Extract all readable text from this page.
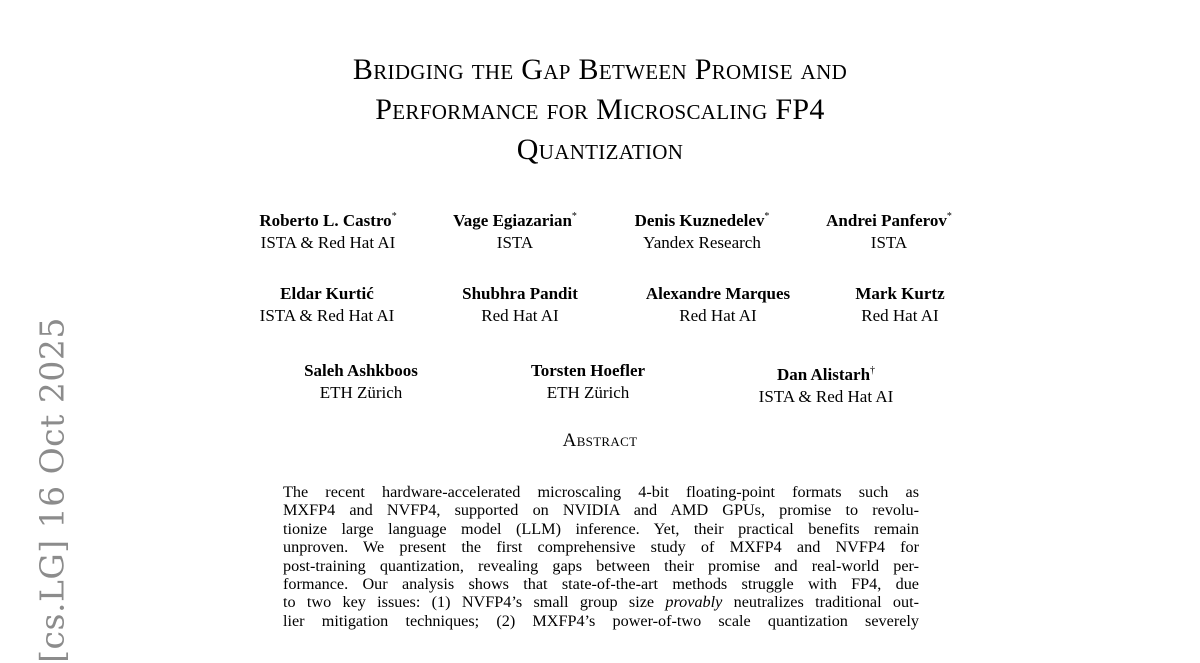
[cs.LG] 16 Oct 2025
Bridging the Gap Between Promise and
Performance for Microscaling FP4
Quantization
Roberto L. Castro*
ISTA & Red Hat AI
Vage Egiazarian*
ISTA
Denis Kuznedelev*
Yandex Research
Andrei Panferov*
ISTA
Eldar Kurtić
ISTA & Red Hat AI
Shubhra Pandit
Red Hat AI
Alexandre Marques
Red Hat AI
Mark Kurtz
Red Hat AI
Saleh Ashkboos
ETH Zürich
Torsten Hoefler
ETH Zürich
Dan Alistarh†
ISTA & Red Hat AI
Abstract
The recent hardware-accelerated microscaling 4-bit floating-point formats such as
MXFP4 and NVFP4, supported on NVIDIA and AMD GPUs, promise to revolu-
tionize large language model (LLM) inference. Yet, their practical benefits remain
unproven. We present the first comprehensive study of MXFP4 and NVFP4 for
post-training quantization, revealing gaps between their promise and real-world per-
formance. Our analysis shows that state-of-the-art methods struggle with FP4, due
to two key issues: (1) NVFP4’s small group size provably neutralizes traditional out-
lier mitigation techniques; (2) MXFP4’s power-of-two scale quantization severely
